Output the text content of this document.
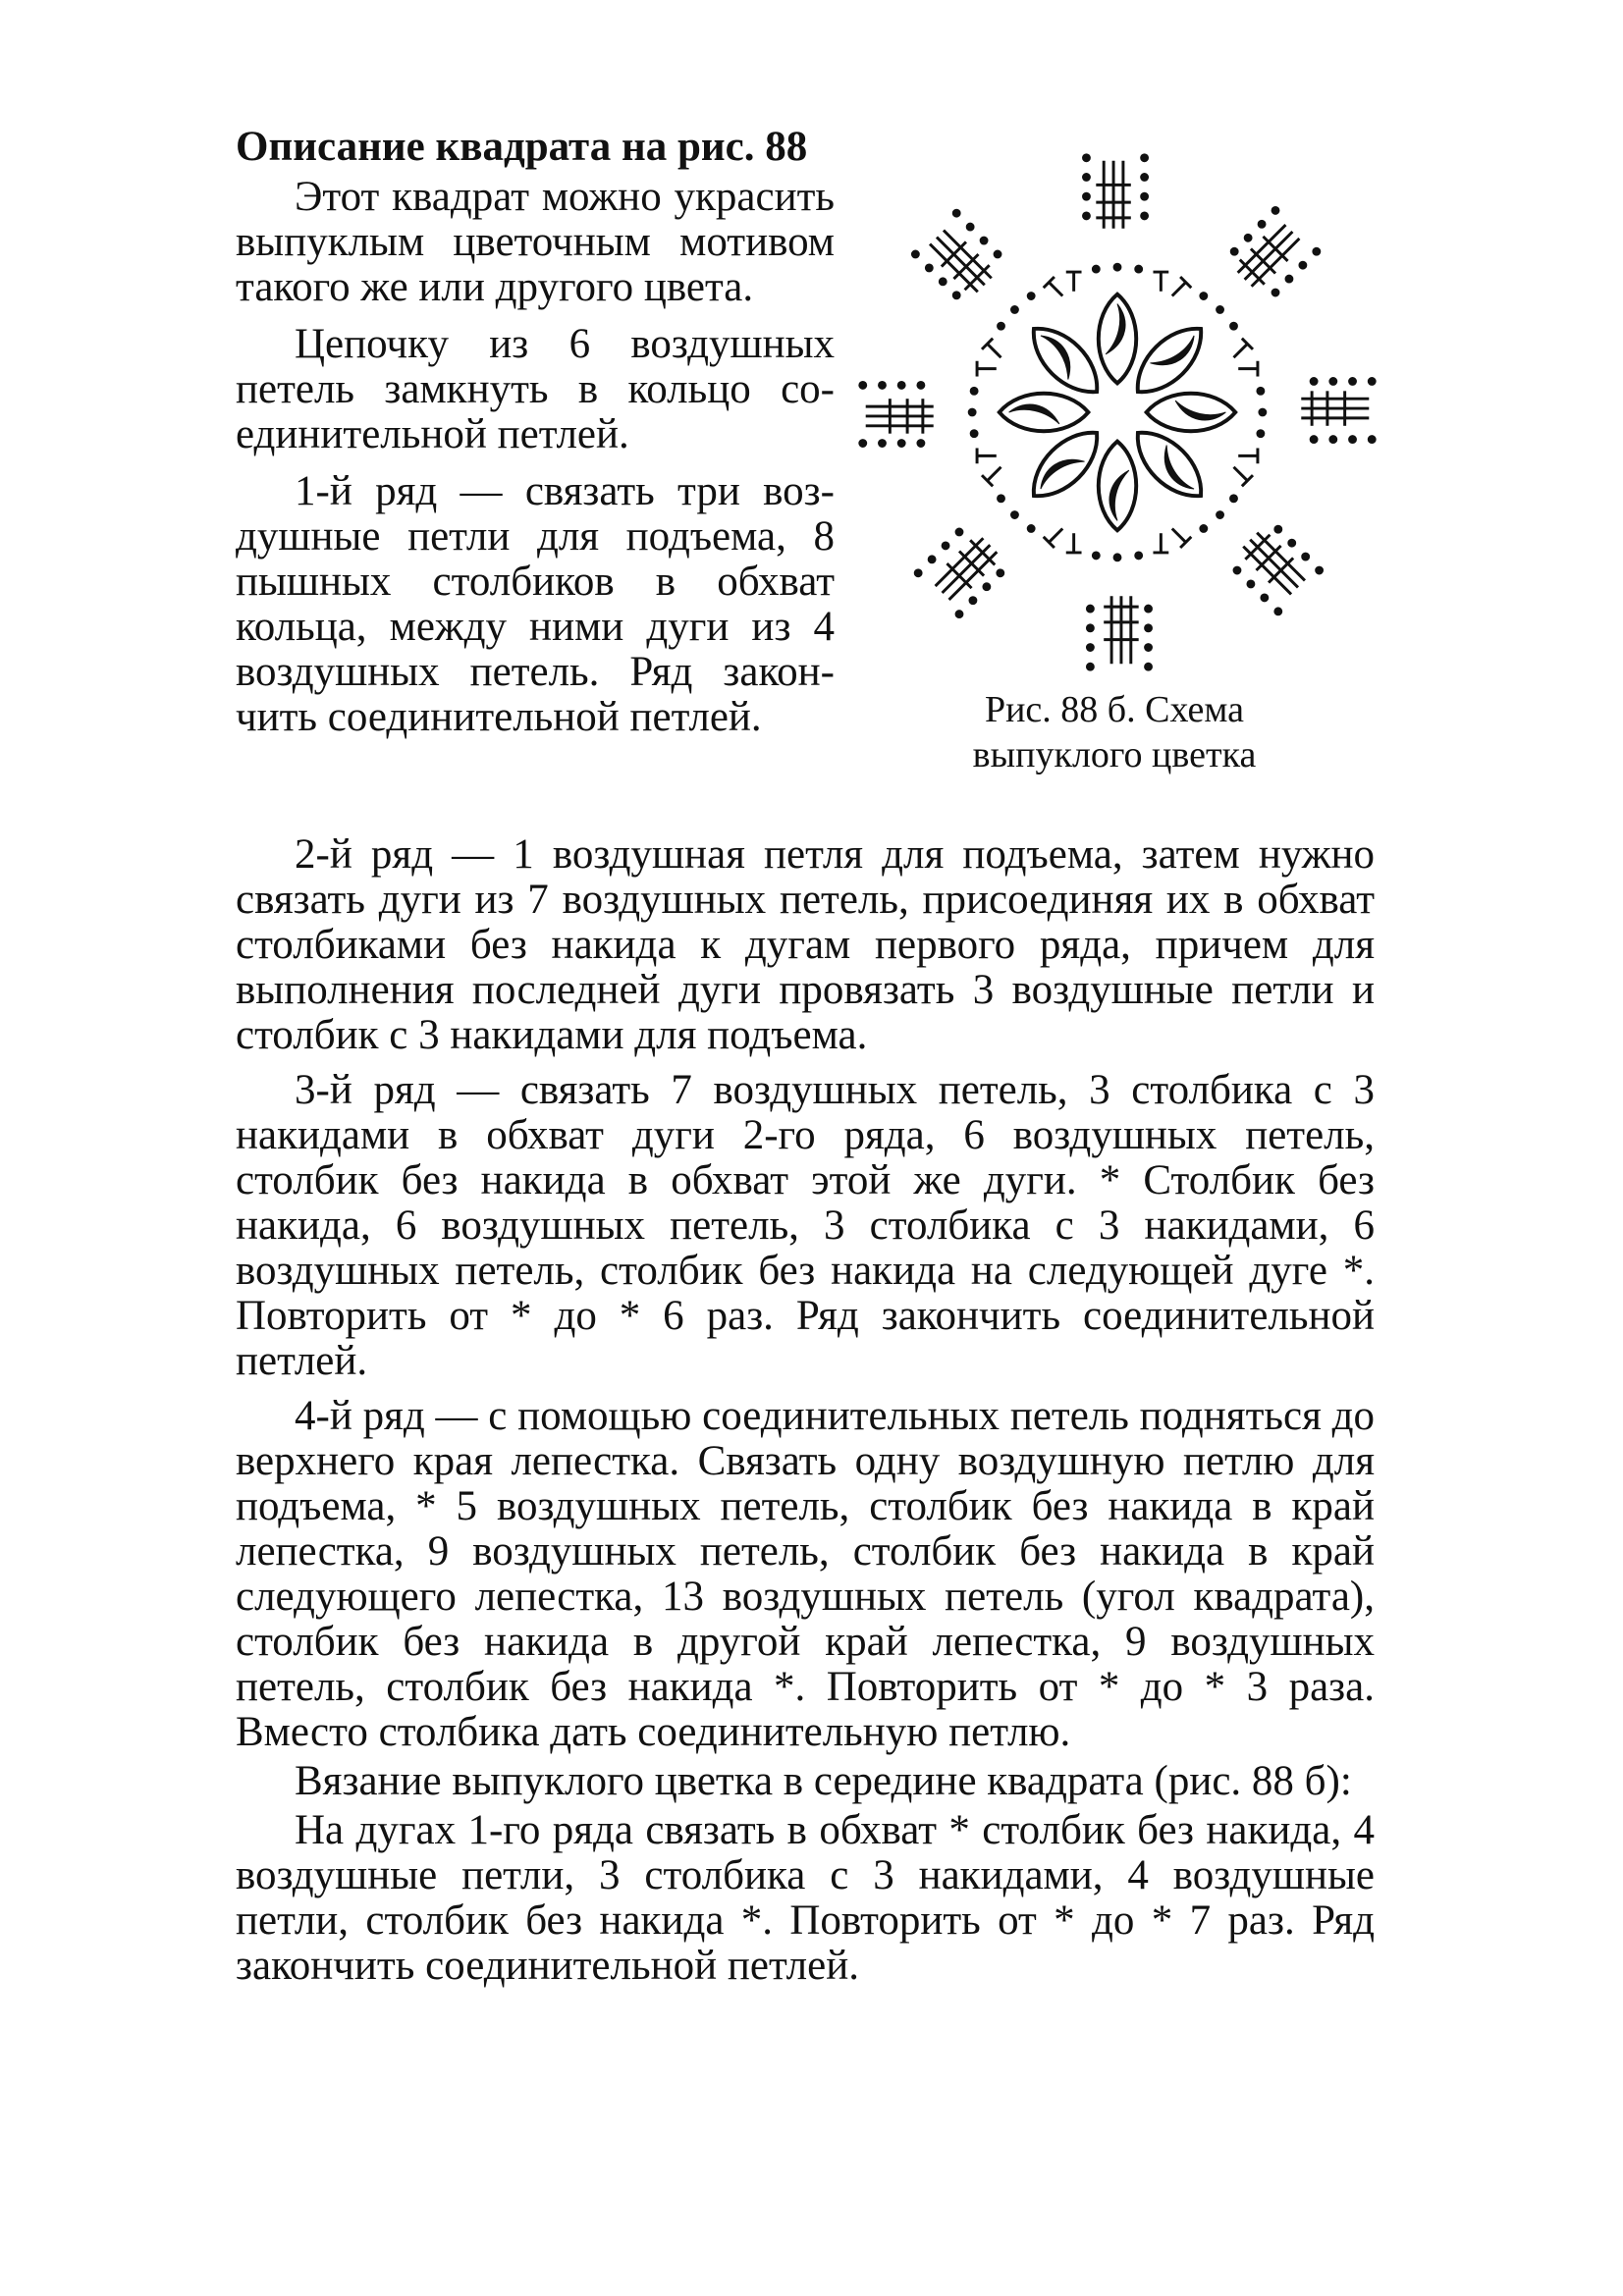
Описание квадрата на рис. 88

Этот квадрат можно украсить выпуклым цветочным мотивом такого же или другого цвета.

Цепочку из 6 воздушных петель замкнуть в кольцо соединительной петлей.

1-й ряд — связать три воздушные петли для подъема, 8 пышных столбиков в обхват кольца, между ними дуги из 4 воздушных петель. Ряд закончить соединительной петлей.	Рис. 88 б. Схема
выпуклого цветка

2-й ряд — 1 воздушная петля для подъема, затем нужно связать дуги из 7 воздушных петель, присоединяя их в обхват столбиками без накида к дугам первого ряда, причем для выполнения последней дуги провязать 3 воздушные петли и столбик с 3 накидами для подъема.

3-й ряд — связать 7 воздушных петель, 3 столбика с 3 накидами в обхват дуги 2-го ряда, 6 воздушных петель, столбик без накида в обхват этой же дуги. * Столбик без накида, 6 воздушных петель, 3 столбика с 3 накидами, 6 воздушных петель, столбик без накида на следующей дуге *. Повторить от * до * 6 раз. Ряд закончить соединительной петлей.

4-й ряд — с помощью соединительных петель подняться до верхнего края лепестка. Связать одну воздушную петлю для подъема, * 5 воздушных петель, столбик без накида в край лепестка, 9 воздушных петель, столбик без накида в край следующего лепестка, 13 воздушных петель (угол квадрата), столбик без накида в другой край лепестка, 9 воздушных петель, столбик без накида *. Повторить от * до * 3 раза. Вместо столбика дать соединительную петлю.

Вязание выпуклого цветка в середине квадрата (рис. 88 б):

На дугах 1-го ряда связать в обхват * столбик без накида, 4 воздушные петли, 3 столбика с 3 накидами, 4 воздушные петли, столбик без накида *. Повторить от * до * 7 раз. Ряд закончить соединительной петлей.
